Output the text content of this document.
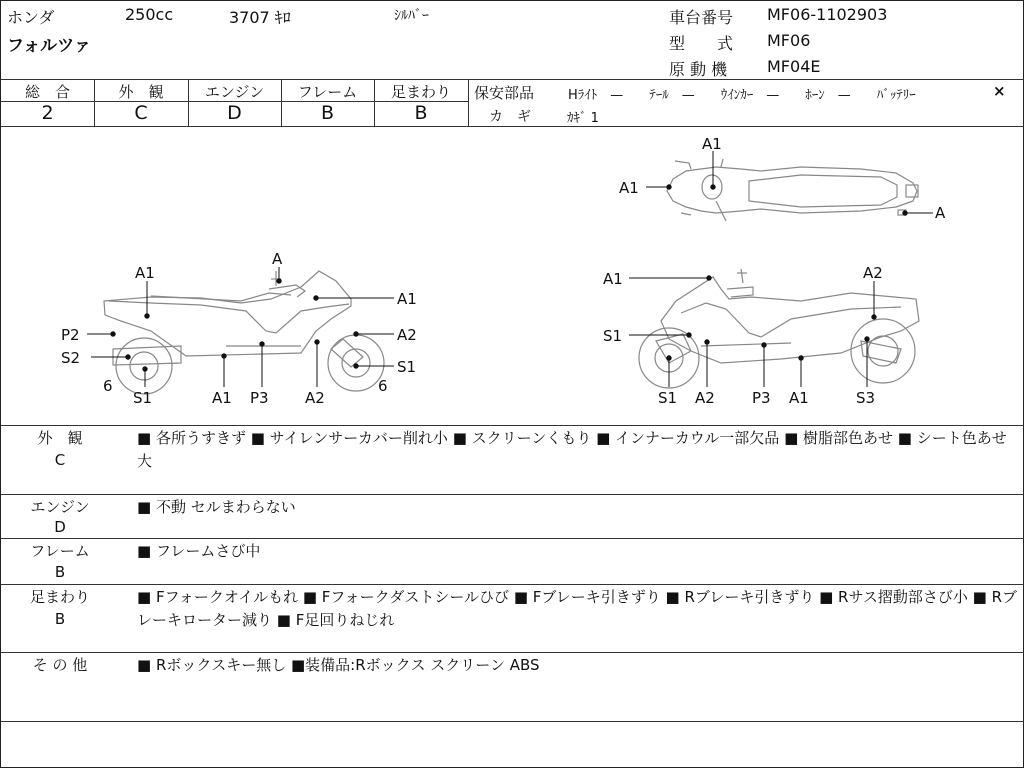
ホンダ	250cc	3707 ｷﾛ	ｼﾙﾊﾞｰ
フォルツァ
車台番号 MF06-1102903
型　　式 MF06
原 動 機 MF04E
総　合
2
外　観
C
エンジン
D
フレーム
B
足まわり
B
保安部品	Hﾗｲﾄ　—　　ﾃｰﾙ　—　　ｳｲﾝｶｰ　—　　ﾎｰﾝ　—　　ﾊﾞｯﾃﾘｰ	×
カ　ギ	ｶｷﾞ 1
A1
A1
A
A1
A
A1
P2	A2
S2	S1
6
S1	A1 P3 A2
6
A1	A2
S1
S1 A2 P3 A1	S3
外　観
C
■ 各所うすきず ■ サイレンサーカバー削れ小 ■ スクリーンくもり ■ インナーカウル一部欠品 ■ 樹脂部色あせ ■ シート色あせ大
エンジン
D
■ 不動 セルまわらない
フレーム
B
■ フレームさび中
足まわり
B
■ Fフォークオイルもれ ■ Fフォークダストシールひび ■ Fブレーキ引きずり ■ Rブレーキ引きずり ■ Rサス摺動部さび小 ■ Rブレーキローター減り ■ F足回りねじれ
そ の 他	■ Rボックスキー無し ■装備品:Rボックス スクリーン ABS
